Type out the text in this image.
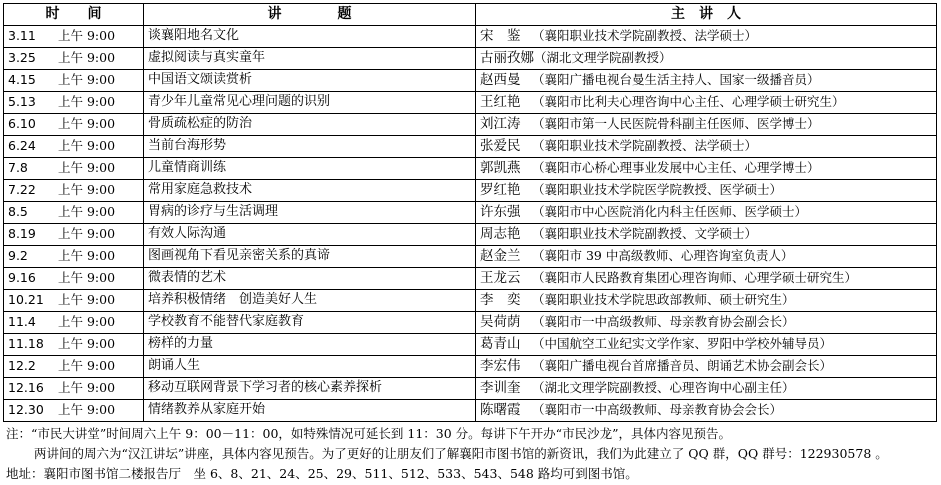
时　　间	讲　　　　题	主　讲　人
3.11 上午 9:00	谈襄阳地名文化	宋　鉴 （襄阳职业技术学院副教授、法学硕士）
3.25 上午 9:00	虚拟阅读与真实童年	古丽孜娜（湖北文理学院副教授）
4.15 上午 9:00	中国语文颂读赏析	赵西曼 （襄阳广播电视台曼生活主持人、国家一级播音员）
5.13 上午 9:00	青少年儿童常见心理问题的识别	王红艳 （襄阳市比利夫心理咨询中心主任、心理学硕士研究生）
6.10 上午 9:00	骨质疏松症的防治	刘江涛 （襄阳市第一人民医院骨科副主任医师、医学博士）
6.24 上午 9:00	当前台海形势	张爱民 （襄阳职业技术学院副教授、法学硕士）
7.8 上午 9:00	儿童情商训练	郭凯燕 （襄阳市心桥心理事业发展中心主任、心理学博士）
7.22 上午 9:00	常用家庭急救技术	罗红艳 （襄阳职业技术学院医学院教授、医学硕士）
8.5 上午 9:00	胃病的诊疗与生活调理	许东强 （襄阳市中心医院消化内科主任医师、医学硕士）
8.19 上午 9:00	有效人际沟通	周志艳 （襄阳职业技术学院副教授、文学硕士）
9.2 上午 9:00	图画视角下看见亲密关系的真谛	赵金兰 （襄阳市 39 中高级教师、心理咨询室负责人）
9.16 上午 9:00	微表情的艺术	王龙云 （襄阳市人民路教育集团心理咨询师、心理学硕士研究生）
10.21 上午 9:00	培养积极情绪　创造美好人生	李　奕 （襄阳职业技术学院思政部教师、硕士研究生）
11.4 上午 9:00	学校教育不能替代家庭教育	吴荷荫 （襄阳市一中高级教师、母亲教育协会副会长）
11.18 上午 9:00	榜样的力量	葛青山 （中国航空工业纪实文学作家、罗阳中学校外辅导员）
12.2 上午 9:00	朗诵人生	李宏伟 （襄阳广播电视台首席播音员、朗诵艺术协会副会长）
12.16 上午 9:00	移动互联网背景下学习者的核心素养探析	李训奎 （湖北文理学院副教授、心理咨询中心副主任）
12.30 上午 9:00	情绪教养从家庭开始	陈曙霞 （襄阳市一中高级教师、母亲教育协会会长）
注：“市民大讲堂”时间周六上午 9：00－11：00，如特殊情况可延长到 11：30 分。每讲下午开办“市民沙龙”，具体内容见预告。
两讲间的周六为“汉江讲坛”讲座，具体内容见预告。为了更好的让朋友们了解襄阳市图书馆的新资讯，我们为此建立了 QQ 群，QQ 群号：122930578 。
地址：襄阳市图书馆二楼报告厅　坐 6、8、21、24、25、29、511、512、533、543、548 路均可到图书馆。
